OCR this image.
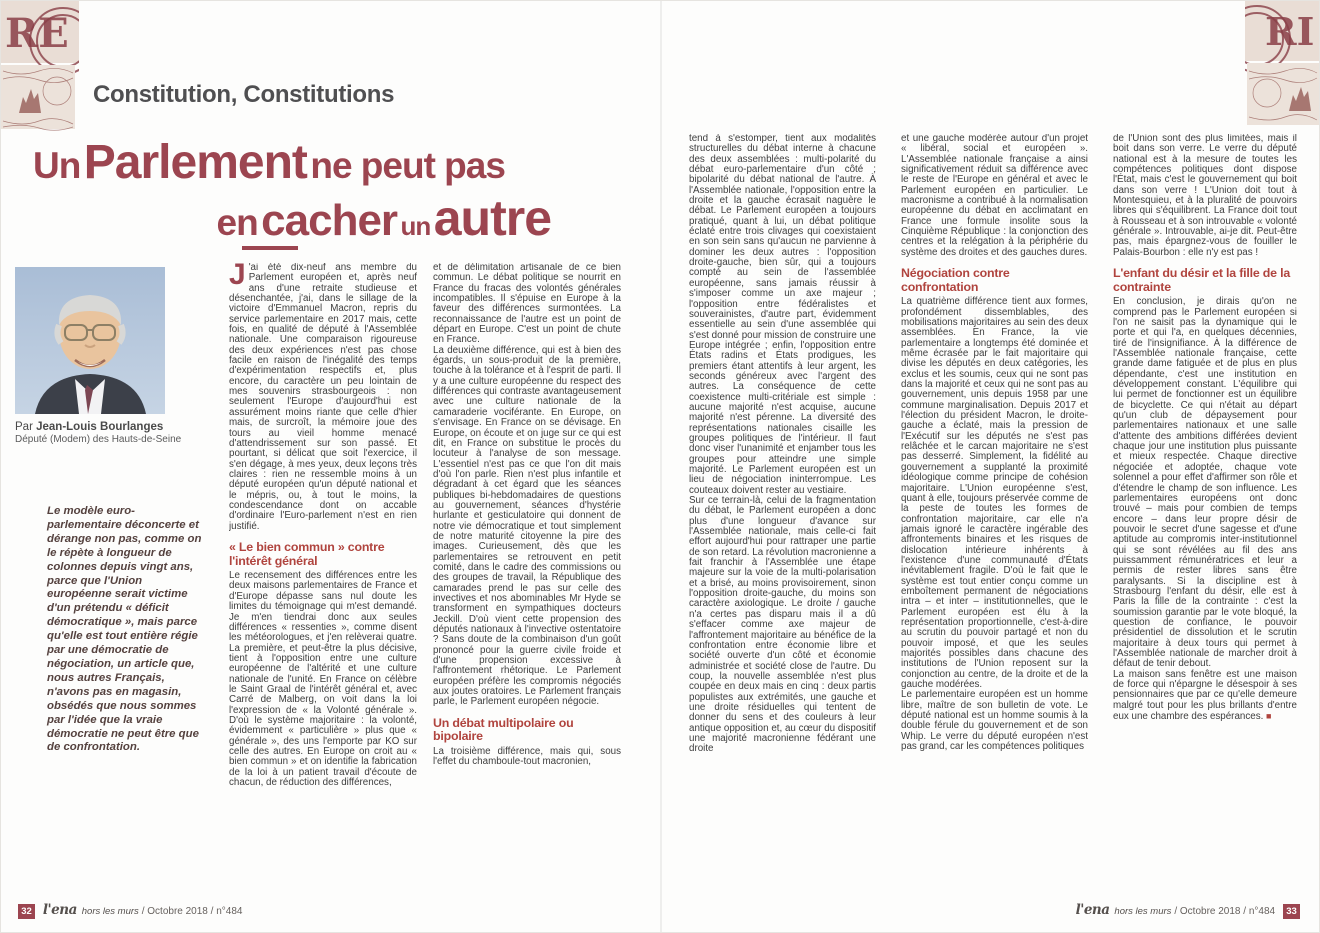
RE
Constitution, Constitutions
Un Parlement ne peut pas
en cacher un autre
Par Jean-Louis Bourlanges
Député (Modem) des Hauts-de-Seine
Le modèle euro-parlementaire déconcerte et dérange non pas, comme on le répète à longueur de colonnes depuis vingt ans, parce que l'Union européenne serait victime d'un prétendu « déficit démocratique », mais parce qu'elle est tout entière régie par une démocratie de négociation, un article que, nous autres Français, n'avons pas en magasin, obsédés que nous sommes par l'idée que la vraie démocratie ne peut être que de confrontation.

J 'ai été dix-neuf ans membre du Parlement européen et, après neuf ans d'une retraite studieuse et désenchantée, j'ai, dans le sillage de la victoire d'Emmanuel Macron, repris du service parlementaire en 2017 mais, cette fois, en qualité de député à l'Assemblée nationale. Une comparaison rigoureuse des deux expériences n'est pas chose facile en raison de l'inégalité des temps d'expérimentation respectifs et, plus encore, du caractère un peu lointain de mes souvenirs strasbourgeois : non seulement l'Europe d'aujourd'hui est assurément moins riante que celle d'hier mais, de surcroît, la mémoire joue des tours au vieil homme menacé d'attendrissement sur son passé. Et pourtant, si délicat que soit l'exercice, il s'en dégage, à mes yeux, deux leçons très claires : rien ne ressemble moins à un député européen qu'un député national et le mépris, ou, à tout le moins, la condescendance dont on accable d'ordinaire l'Euro-parlement n'est en rien justifié.

« Le bien commun » contre l'intérêt général

Le recensement des différences entre les deux maisons parlementaires de France et d'Europe dépasse sans nul doute les limites du témoignage qui m'est demandé. Je m'en tiendrai donc aux seules différences « ressenties », comme disent les météorologues, et j'en relèverai quatre. La première, et peut-être la plus décisive, tient à l'opposition entre une culture européenne de l'altérité et une culture nationale de l'unité. En France on célèbre le Saint Graal de l'intérêt général et, avec Carré de Malberg, on voit dans la loi l'expression de « la Volonté générale ». D'où le système majoritaire : la volonté, évidemment « particulière » plus que « générale », des uns l'emporte par KO sur celle des autres. En Europe on croit au « bien commun » et on identifie la fabrication de la loi à un patient travail d'écoute de chacun, de réduction des différences,

et de délimitation artisanale de ce bien commun. Le débat politique se nourrit en France du fracas des volontés générales incompatibles. Il s'épuise en Europe à la faveur des différences surmontées. La reconnaissance de l'autre est un point de départ en Europe. C'est un point de chute en France.

La deuxième différence, qui est à bien des égards, un sous-produit de la première, touche à la tolérance et à l'esprit de parti. Il y a une culture européenne du respect des différences qui contraste avantageusement avec une culture nationale de la camaraderie vociférante. En Europe, on s'envisage. En France on se dévisage. En Europe, on écoute et on juge sur ce qui est dit, en France on substitue le procès du locuteur à l'analyse de son message. L'essentiel n'est pas ce que l'on dit mais d'où l'on parle. Rien n'est plus infantile et dégradant à cet égard que les séances publiques bi-hebdomadaires de questions au gouvernement, séances d'hystérie hurlante et gesticulatoire qui donnent de notre vie démocratique et tout simplement de notre maturité citoyenne la pire des images. Curieusement, dès que les parlementaires se retrouvent en petit comité, dans le cadre des commissions ou des groupes de travail, la République des camarades prend le pas sur celle des invectives et nos abominables Mr Hyde se transforment en sympathiques docteurs Jeckill. D'où vient cette propension des députés nationaux à l'invective ostentatoire ? Sans doute de la combinaison d'un goût prononcé pour la guerre civile froide et d'une propension excessive à l'affrontement rhétorique. Le Parlement européen préfère les compromis négociés aux joutes oratoires. Le Parlement français parle, le Parlement européen négocie.

Un débat multipolaire ou bipolaire

La troisième différence, mais qui, sous l'effet du chamboule-tout macronien,

32 l'ena hors les murs / Octobre 2018 / n°484
RI

tend à s'estomper, tient aux modalités structurelles du débat interne à chacune des deux assemblées : multi-polarité du débat euro-parlementaire d'un côté ; bipolarité du débat national de l'autre. À l'Assemblée nationale, l'opposition entre la droite et la gauche écrasait naguère le débat. Le Parlement européen a toujours pratiqué, quant à lui, un débat politique éclaté entre trois clivages qui coexistaient en son sein sans qu'aucun ne parvienne à dominer les deux autres : l'opposition droite-gauche, bien sûr, qui a toujours compté au sein de l'assemblée européenne, sans jamais réussir à s'imposer comme un axe majeur ; l'opposition entre fédéralistes et souverainistes, d'autre part, évidemment essentielle au sein d'une assemblée qui s'est donné pour mission de construire une Europe intégrée ; enfin, l'opposition entre États radins et États prodigues, les premiers étant attentifs à leur argent, les seconds généreux avec l'argent des autres. La conséquence de cette coexistence multi-critériale est simple : aucune majorité n'est acquise, aucune majorité n'est pérenne. La diversité des représentations nationales cisaille les groupes politiques de l'intérieur. Il faut donc viser l'unanimité et enjamber tous les groupes pour atteindre une simple majorité. Le Parlement européen est un lieu de négociation ininterrompue. Les couteaux doivent rester au vestiaire.

Sur ce terrain-là, celui de la fragmentation du débat, le Parlement européen a donc plus d'une longueur d'avance sur l'Assemblée nationale, mais celle-ci fait effort aujourd'hui pour rattraper une partie de son retard. La révolution macronienne a fait franchir à l'Assemblée une étape majeure sur la voie de la multi-polarisation et a brisé, au moins provisoirement, sinon l'opposition droite-gauche, du moins son caractère axiologique. Le droite / gauche n'a certes pas disparu mais il a dû s'effacer comme axe majeur de l'affrontement majoritaire au bénéfice de la confrontation entre économie libre et société ouverte d'un côté et économie administrée et société close de l'autre. Du coup, la nouvelle assemblée n'est plus coupée en deux mais en cinq : deux partis populistes aux extrémités, une gauche et une droite résiduelles qui tentent de donner du sens et des couleurs à leur antique opposition et, au cœur du dispositif une majorité macronienne fédérant une droite

et une gauche modérée autour d'un projet « libéral, social et européen ». L'Assemblée nationale française a ainsi significativement réduit sa différence avec le reste de l'Europe en général et avec le Parlement européen en particulier. Le macronisme a contribué à la normalisation européenne du débat en acclimatant en France une formule insolite sous la Cinquième République : la conjonction des centres et la relégation à la périphérie du système des droites et des gauches dures.

Négociation contre confrontation

La quatrième différence tient aux formes, profondément dissemblables, des mobilisations majoritaires au sein des deux assemblées. En France, la vie parlementaire a longtemps été dominée et même écrasée par le fait majoritaire qui divise les députés en deux catégories, les exclus et les soumis, ceux qui ne sont pas dans la majorité et ceux qui ne sont pas au gouvernement, unis depuis 1958 par une commune marginalisation. Depuis 2017 et l'élection du président Macron, le droite-gauche a éclaté, mais la pression de l'Exécutif sur les députés ne s'est pas relâchée et le carcan majoritaire ne s'est pas desserré. Simplement, la fidélité au gouvernement a supplanté la proximité idéologique comme principe de cohésion majoritaire. L'Union européenne s'est, quant à elle, toujours préservée comme de la peste de toutes les formes de confrontation majoritaire, car elle n'a jamais ignoré le caractère ingérable des affrontements binaires et les risques de dislocation intérieure inhérents à l'existence d'une communauté d'États inévitablement fragile. D'où le fait que le système est tout entier conçu comme un emboîtement permanent de négociations intra – et inter – institutionnelles, que le Parlement européen est élu à la représentation proportionnelle, c'est-à-dire au scrutin du pouvoir partagé et non du pouvoir imposé, et que les seules majorités possibles dans chacune des institutions de l'Union reposent sur la conjonction au centre, de la droite et de la gauche modérées.

Le parlementaire européen est un homme libre, maître de son bulletin de vote. Le député national est un homme soumis à la double férule du gouvernement et de son Whip. Le verre du député européen n'est pas grand, car les compétences politiques

de l'Union sont des plus limitées, mais il boit dans son verre. Le verre du député national est à la mesure de toutes les compétences politiques dont dispose l'État, mais c'est le gouvernement qui boit dans son verre ! L'Union doit tout à Montesquieu, et à la pluralité de pouvoirs libres qui s'équilibrent. La France doit tout à Rousseau et à son introuvable « volonté générale ». Introuvable, ai-je dit. Peut-être pas, mais épargnez-vous de fouiller le Palais-Bourbon : elle n'y est pas !

L'enfant du désir et la fille de la contrainte

En conclusion, je dirais qu'on ne comprend pas le Parlement européen si l'on ne saisit pas la dynamique qui le porte et qui l'a, en quelques décennies, tiré de l'insignifiance. À la différence de l'Assemblée nationale française, cette grande dame fatiguée et de plus en plus dépendante, c'est une institution en développement constant. L'équilibre qui lui permet de fonctionner est un équilibre de bicyclette. Ce qui n'était au départ qu'un club de dépaysement pour parlementaires nationaux et une salle d'attente des ambitions différées devient chaque jour une institution plus puissante et mieux respectée. Chaque directive négociée et adoptée, chaque vote solennel a pour effet d'affirmer son rôle et d'étendre le champ de son influence. Les parlementaires européens ont donc trouvé – mais pour combien de temps encore – dans leur propre désir de pouvoir le secret d'une sagesse et d'une aptitude au compromis inter-institutionnel qui se sont révélées au fil des ans puissamment rémunératrices et leur a permis de rester libres sans être paralysants. Si la discipline est à Strasbourg l'enfant du désir, elle est à Paris la fille de la contrainte : c'est la soumission garantie par le vote bloqué, la question de confiance, le pouvoir présidentiel de dissolution et le scrutin majoritaire à deux tours qui permet à l'Assemblée nationale de marcher droit à défaut de tenir debout.

La maison sans fenêtre est une maison de force qui n'épargne le désespoir à ses pensionnaires que par ce qu'elle demeure malgré tout pour les plus brillants d'entre eux une chambre des espérances. ■

l'ena hors les murs / Octobre 2018 / n°484 33
